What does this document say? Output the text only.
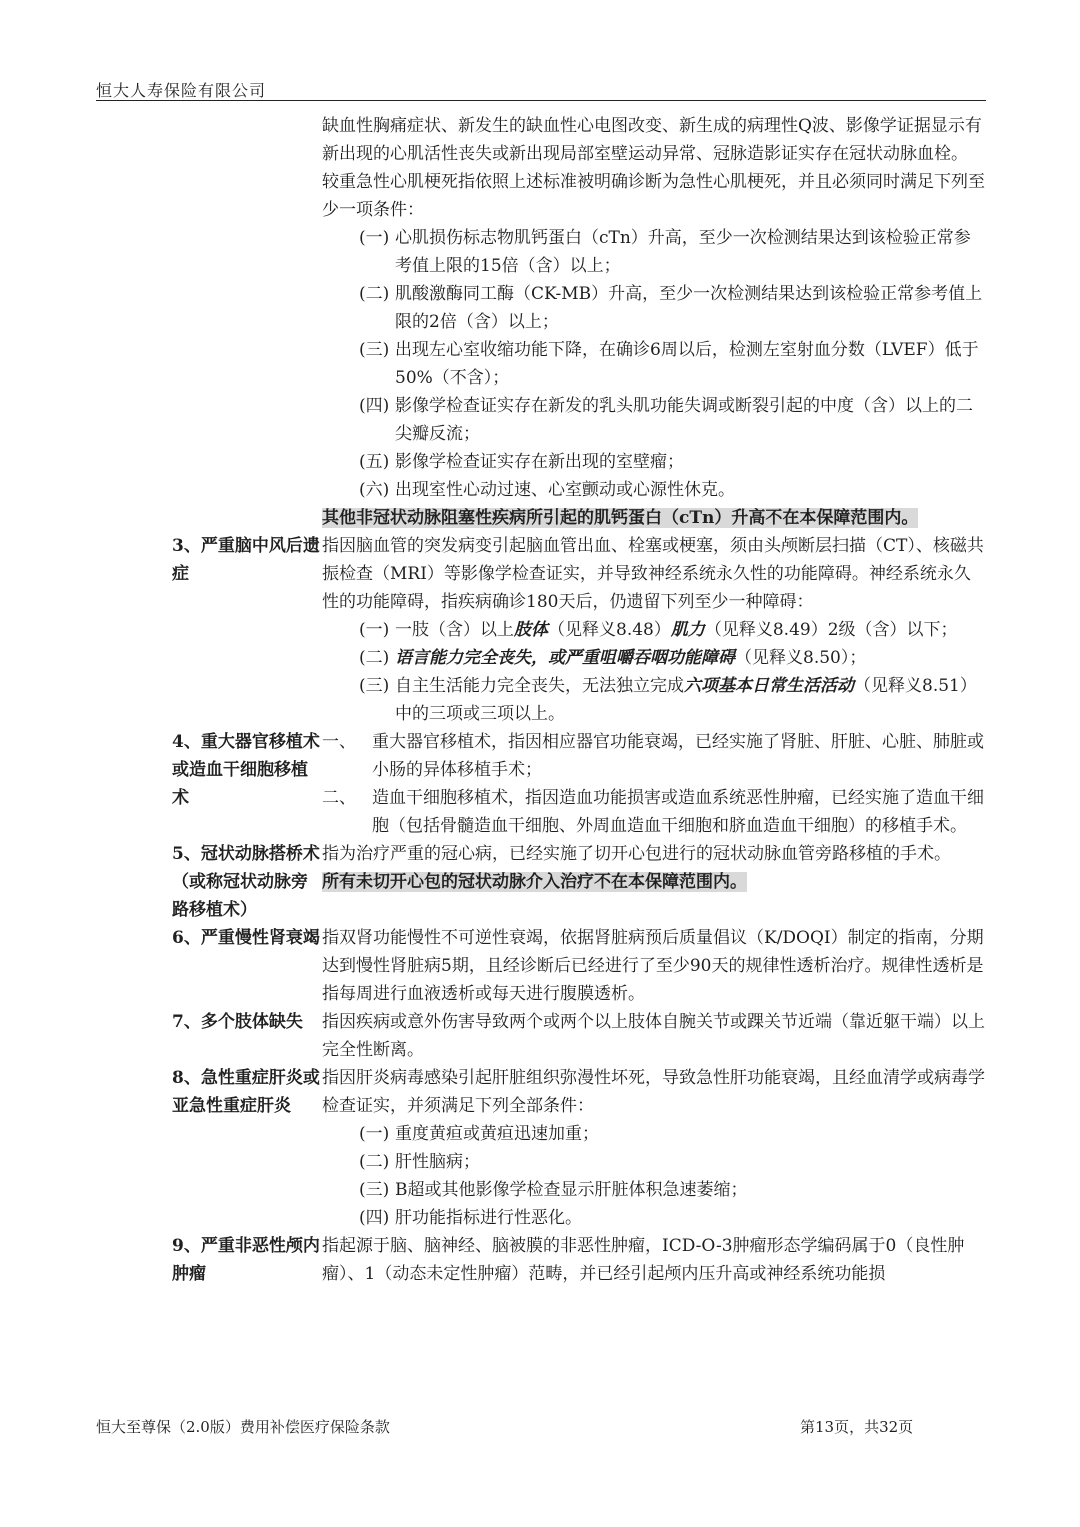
恒大人寿保险有限公司

缺血性胸痛症状、新发生的缺血性心电图改变、新生成的病理性Q波、影像学证据显示有新出现的心肌活性丧失或新出现局部室壁运动异常、冠脉造影证实存在冠状动脉血栓。

较重急性心肌梗死指依照上述标准被明确诊断为急性心肌梗死，并且必须同时满足下列至少一项条件：

(一) 心肌损伤标志物肌钙蛋白（cTn）升高，至少一次检测结果达到该检验正常参考值上限的15倍（含）以上；
(二) 肌酸激酶同工酶（CK-MB）升高，至少一次检测结果达到该检验正常参考值上限的2倍（含）以上；
(三) 出现左心室收缩功能下降，在确诊6周以后，检测左室射血分数（LVEF）低于50%（不含）；
(四) 影像学检查证实存在新发的乳头肌功能失调或断裂引起的中度（含）以上的二尖瓣反流；
(五) 影像学检查证实存在新出现的室壁瘤；
(六) 出现室性心动过速、心室颤动或心源性休克。

其他非冠状动脉阻塞性疾病所引起的肌钙蛋白（cTn）升高不在本保障范围内。

3、严重脑中风后遗症

指因脑血管的突发病变引起脑血管出血、栓塞或梗塞，须由头颅断层扫描（CT）、核磁共振检查（MRI）等影像学检查证实，并导致神经系统永久性的功能障碍。神经系统永久性的功能障碍，指疾病确诊180天后，仍遗留下列至少一种障碍：

(一) 一肢（含）以上肢体（见释义8.48）肌力（见释义8.49）2级（含）以下；
(二) 语言能力完全丧失，或严重咀嚼吞咽功能障碍（见释义8.50）；
(三) 自主生活能力完全丧失，无法独立完成六项基本日常生活活动（见释义8.51）中的三项或三项以上。
4、重大器官移植术或造血干细胞移植术
一、 重大器官移植术，指因相应器官功能衰竭，已经实施了肾脏、肝脏、心脏、肺脏或小肠的异体移植手术；
二、 造血干细胞移植术，指因造血功能损害或造血系统恶性肿瘤，已经实施了造血干细胞（包括骨髓造血干细胞、外周血造血干细胞和脐血造血干细胞）的移植手术。
5、冠状动脉搭桥术（或称冠状动脉旁路移植术）

指为治疗严重的冠心病，已经实施了切开心包进行的冠状动脉血管旁路移植的手术。

所有未切开心包的冠状动脉介入治疗不在本保障范围内。

6、严重慢性肾衰竭 指双肾功能慢性不可逆性衰竭，依据肾脏病预后质量倡议（K/DOQI）制定的指南，分期达到慢性肾脏病5期，且经诊断后已经进行了至少90天的规律性透析治疗。规律性透析是指每周进行血液透析或每天进行腹膜透析。

7、多个肢体缺失	指因疾病或意外伤害导致两个或两个以上肢体自腕关节或踝关节近端（靠近躯干端）以上完全性断离。

8、急性重症肝炎或亚急性重症肝炎

指因肝炎病毒感染引起肝脏组织弥漫性坏死，导致急性肝功能衰竭，且经血清学或病毒学检查证实，并须满足下列全部条件：

(一) 重度黄疸或黄疸迅速加重；
(二) 肝性脑病；
(三) B超或其他影像学检查显示肝脏体积急速萎缩；
(四) 肝功能指标进行性恶化。
9、严重非恶性颅内肿瘤

指起源于脑、脑神经、脑被膜的非恶性肿瘤，ICD-O-3肿瘤形态学编码属于0（良性肿瘤）、1（动态未定性肿瘤）范畴，并已经引起颅内压升高或神经系统功能损

恒大至尊保（2.0版）费用补偿医疗保险条款	第13页，共32页
